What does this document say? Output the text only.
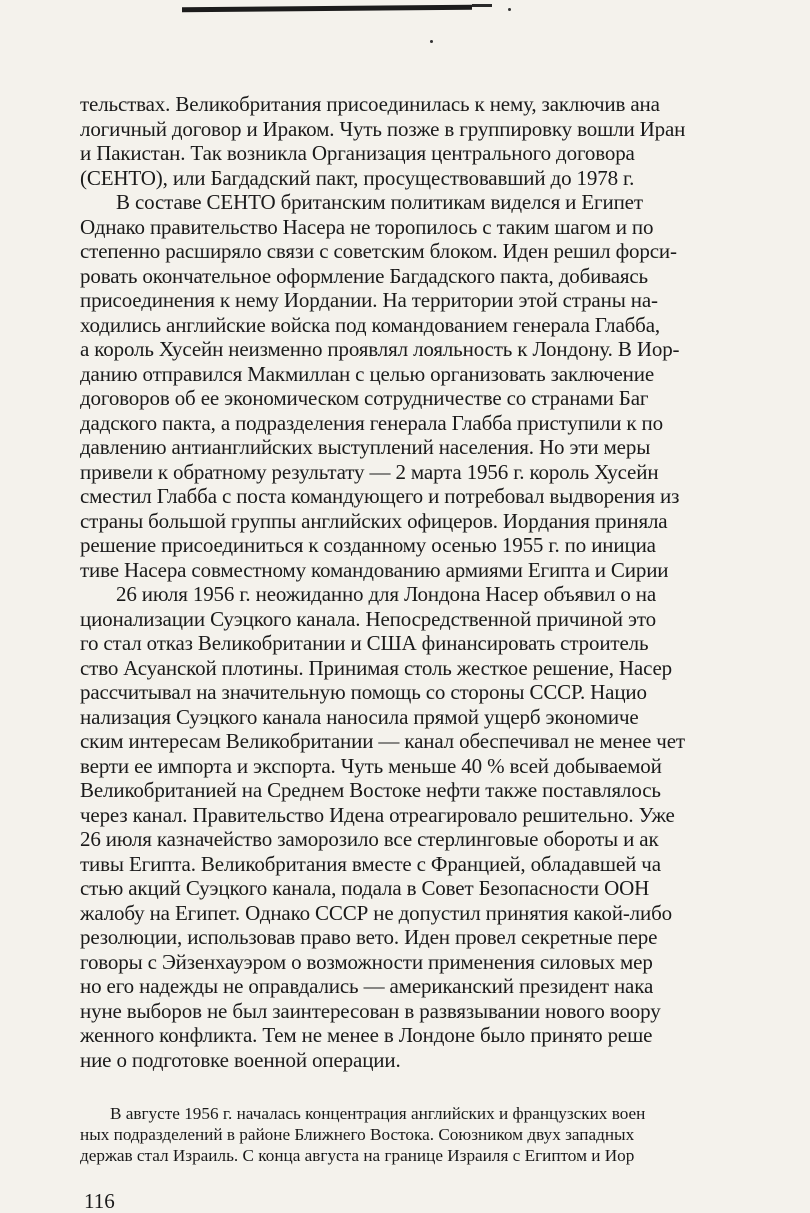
тельствах. Великобритания присоединилась к нему, заключив ана
логичный договор и Ираком. Чуть позже в группировку вошли Иран
и Пакистан. Так возникла Организация центрального договора
(СЕНТО), или Багдадский пакт, просуществовавший до 1978 г.
В составе СЕНТО британским политикам виделся и Египет
Однако правительство Насера не торопилось с таким шагом и по
степенно расширяло связи с советским блоком. Иден решил форси-
ровать окончательное оформление Багдадского пакта, добиваясь
присоединения к нему Иордании. На территории этой страны на-
ходились английские войска под командованием генерала Глабба,
а король Хусейн неизменно проявлял лояльность к Лондону. В Иор-
данию отправился Макмиллан с целью организовать заключение
договоров об ее экономическом сотрудничестве со странами Баг
дадского пакта, а подразделения генерала Глабба приступили к по
давлению антианглийских выступлений населения. Но эти меры
привели к обратному результату — 2 марта 1956 г. король Хусейн
сместил Глабба с поста командующего и потребовал выдворения из
страны большой группы английских офицеров. Иордания приняла
решение присоединиться к созданному осенью 1955 г. по инициа
тиве Насера совместному командованию армиями Египта и Сирии
26 июля 1956 г. неожиданно для Лондона Насер объявил о на
ционализации Суэцкого канала. Непосредственной причиной это
го стал отказ Великобритании и США финансировать строитель
ство Асуанской плотины. Принимая столь жесткое решение, Насер
рассчитывал на значительную помощь со стороны СССР. Нацио
нализация Суэцкого канала наносила прямой ущерб экономиче
ским интересам Великобритании — канал обеспечивал не менее чет
верти ее импорта и экспорта. Чуть меньше 40 % всей добываемой
Великобританией на Среднем Востоке нефти также поставлялось
через канал. Правительство Идена отреагировало решительно. Уже
26 июля казначейство заморозило все стерлинговые обороты и ак
тивы Египта. Великобритания вместе с Францией, обладавшей ча
стью акций Суэцкого канала, подала в Совет Безопасности ООН
жалобу на Египет. Однако СССР не допустил принятия какой-либо
резолюции, использовав право вето. Иден провел секретные пере
говоры с Эйзенхауэром о возможности применения силовых мер
но его надежды не оправдались — американский президент нака
нуне выборов не был заинтересован в развязывании нового воору
женного конфликта. Тем не менее в Лондоне было принято реше
ние о подготовке военной операции.
В августе 1956 г. началась концентрация английских и французских воен
ных подразделений в районе Ближнего Востока. Союзником двух западных
держав стал Израиль. С конца августа на границе Израиля с Египтом и Иор
116
